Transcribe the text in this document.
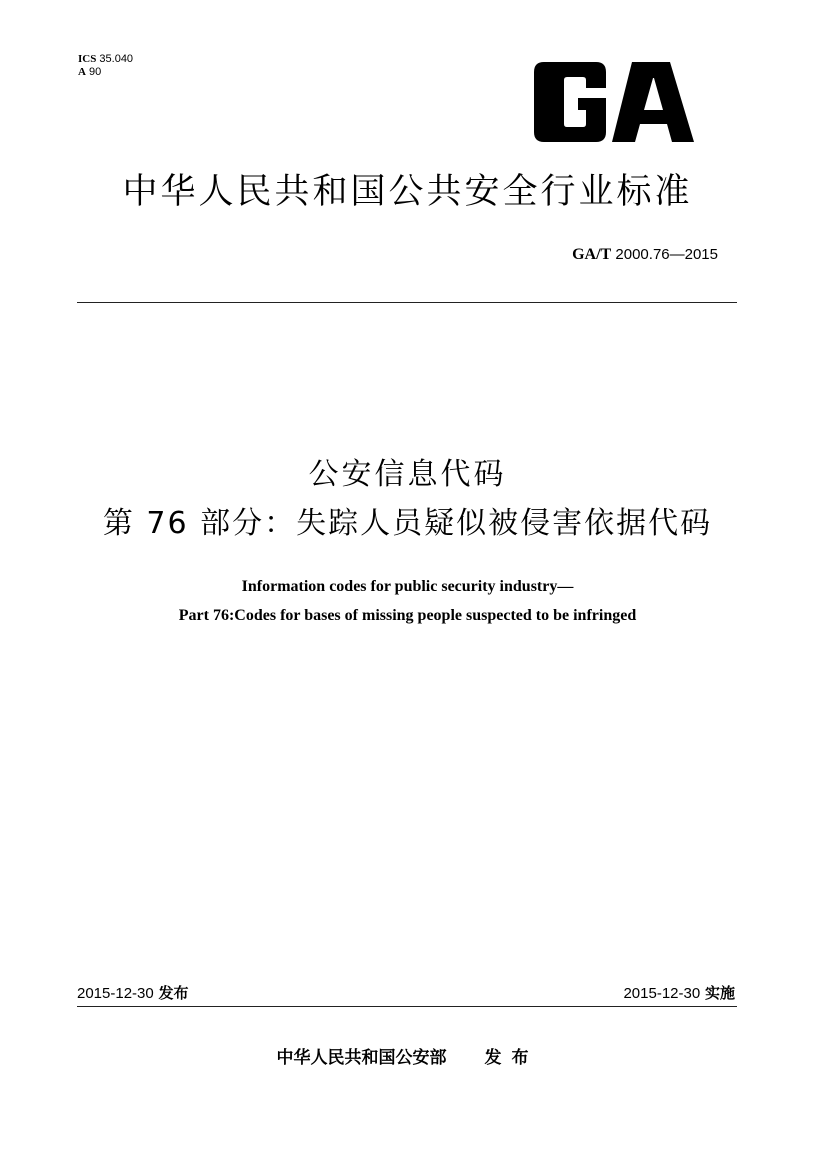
ICS 35.040
A 90
中华人民共和国公共安全行业标准
GA/T 2000.76—2015
公安信息代码
第 76 部分：失踪人员疑似被侵害依据代码
Information codes for public security industry—
Part 76:Codes for bases of missing people suspected to be infringed
2015-12-30 发布	2015-12-30 实施
中华人民共和国公安部 发布
